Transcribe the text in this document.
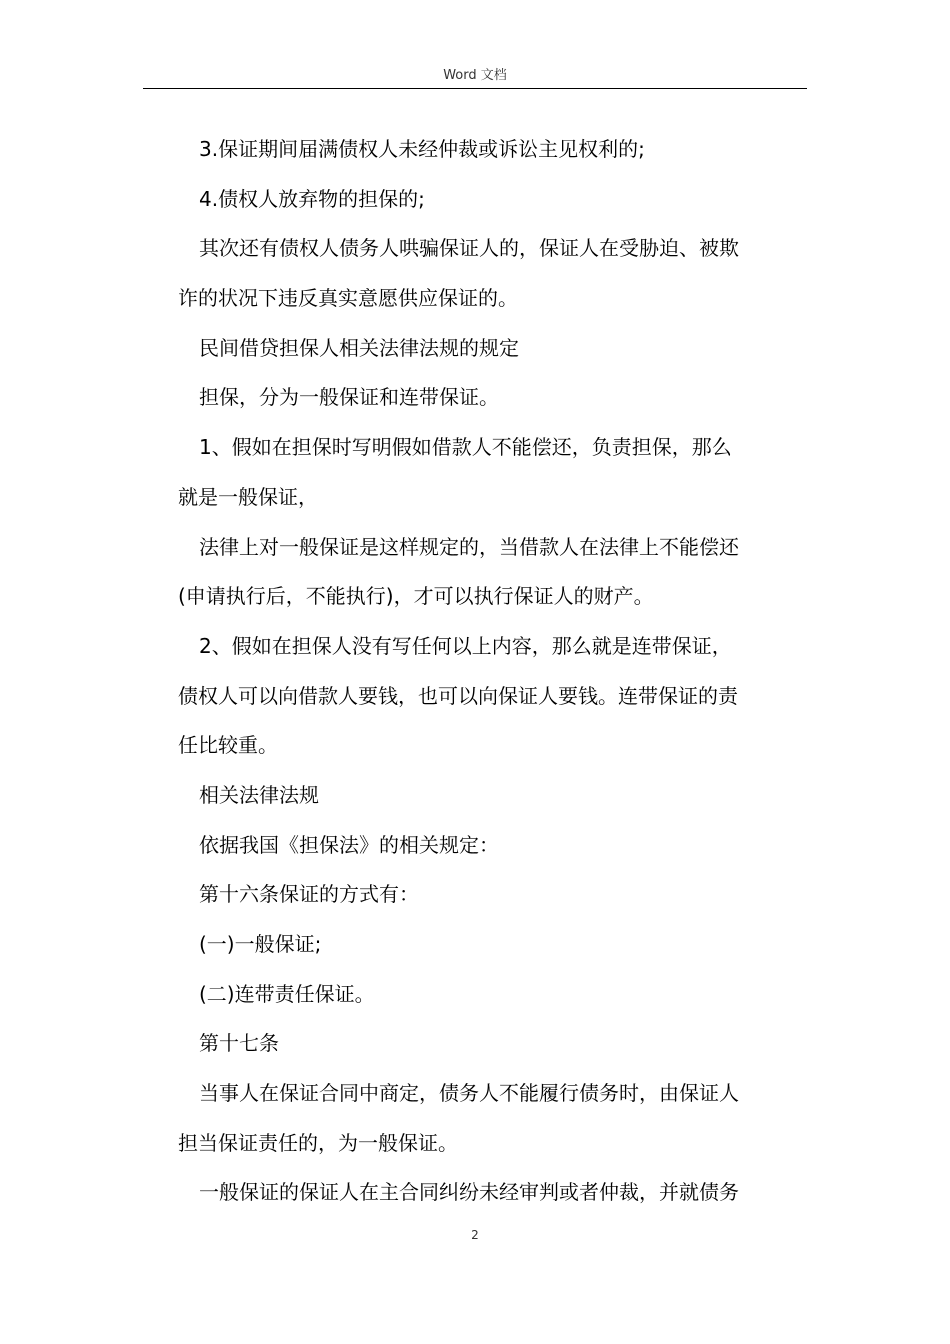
Word 文档
3.保证期间届满债权人未经仲裁或诉讼主见权利的;
4.债权人放弃物的担保的;
其次还有债权人债务人哄骗保证人的，保证人在受胁迫、被欺
诈的状况下违反真实意愿供应保证的。
民间借贷担保人相关法律法规的规定
担保，分为一般保证和连带保证。
1、假如在担保时写明假如借款人不能偿还，负责担保，那么
就是一般保证，
法律上对一般保证是这样规定的，当借款人在法律上不能偿还
(申请执行后，不能执行)，才可以执行保证人的财产。
2、假如在担保人没有写任何以上内容，那么就是连带保证，
债权人可以向借款人要钱，也可以向保证人要钱。连带保证的责
任比较重。
相关法律法规
依据我国《担保法》的相关规定：
第十六条保证的方式有：
(一)一般保证;
(二)连带责任保证。
第十七条
当事人在保证合同中商定，债务人不能履行债务时，由保证人
担当保证责任的，为一般保证。
一般保证的保证人在主合同纠纷未经审判或者仲裁，并就债务
2
